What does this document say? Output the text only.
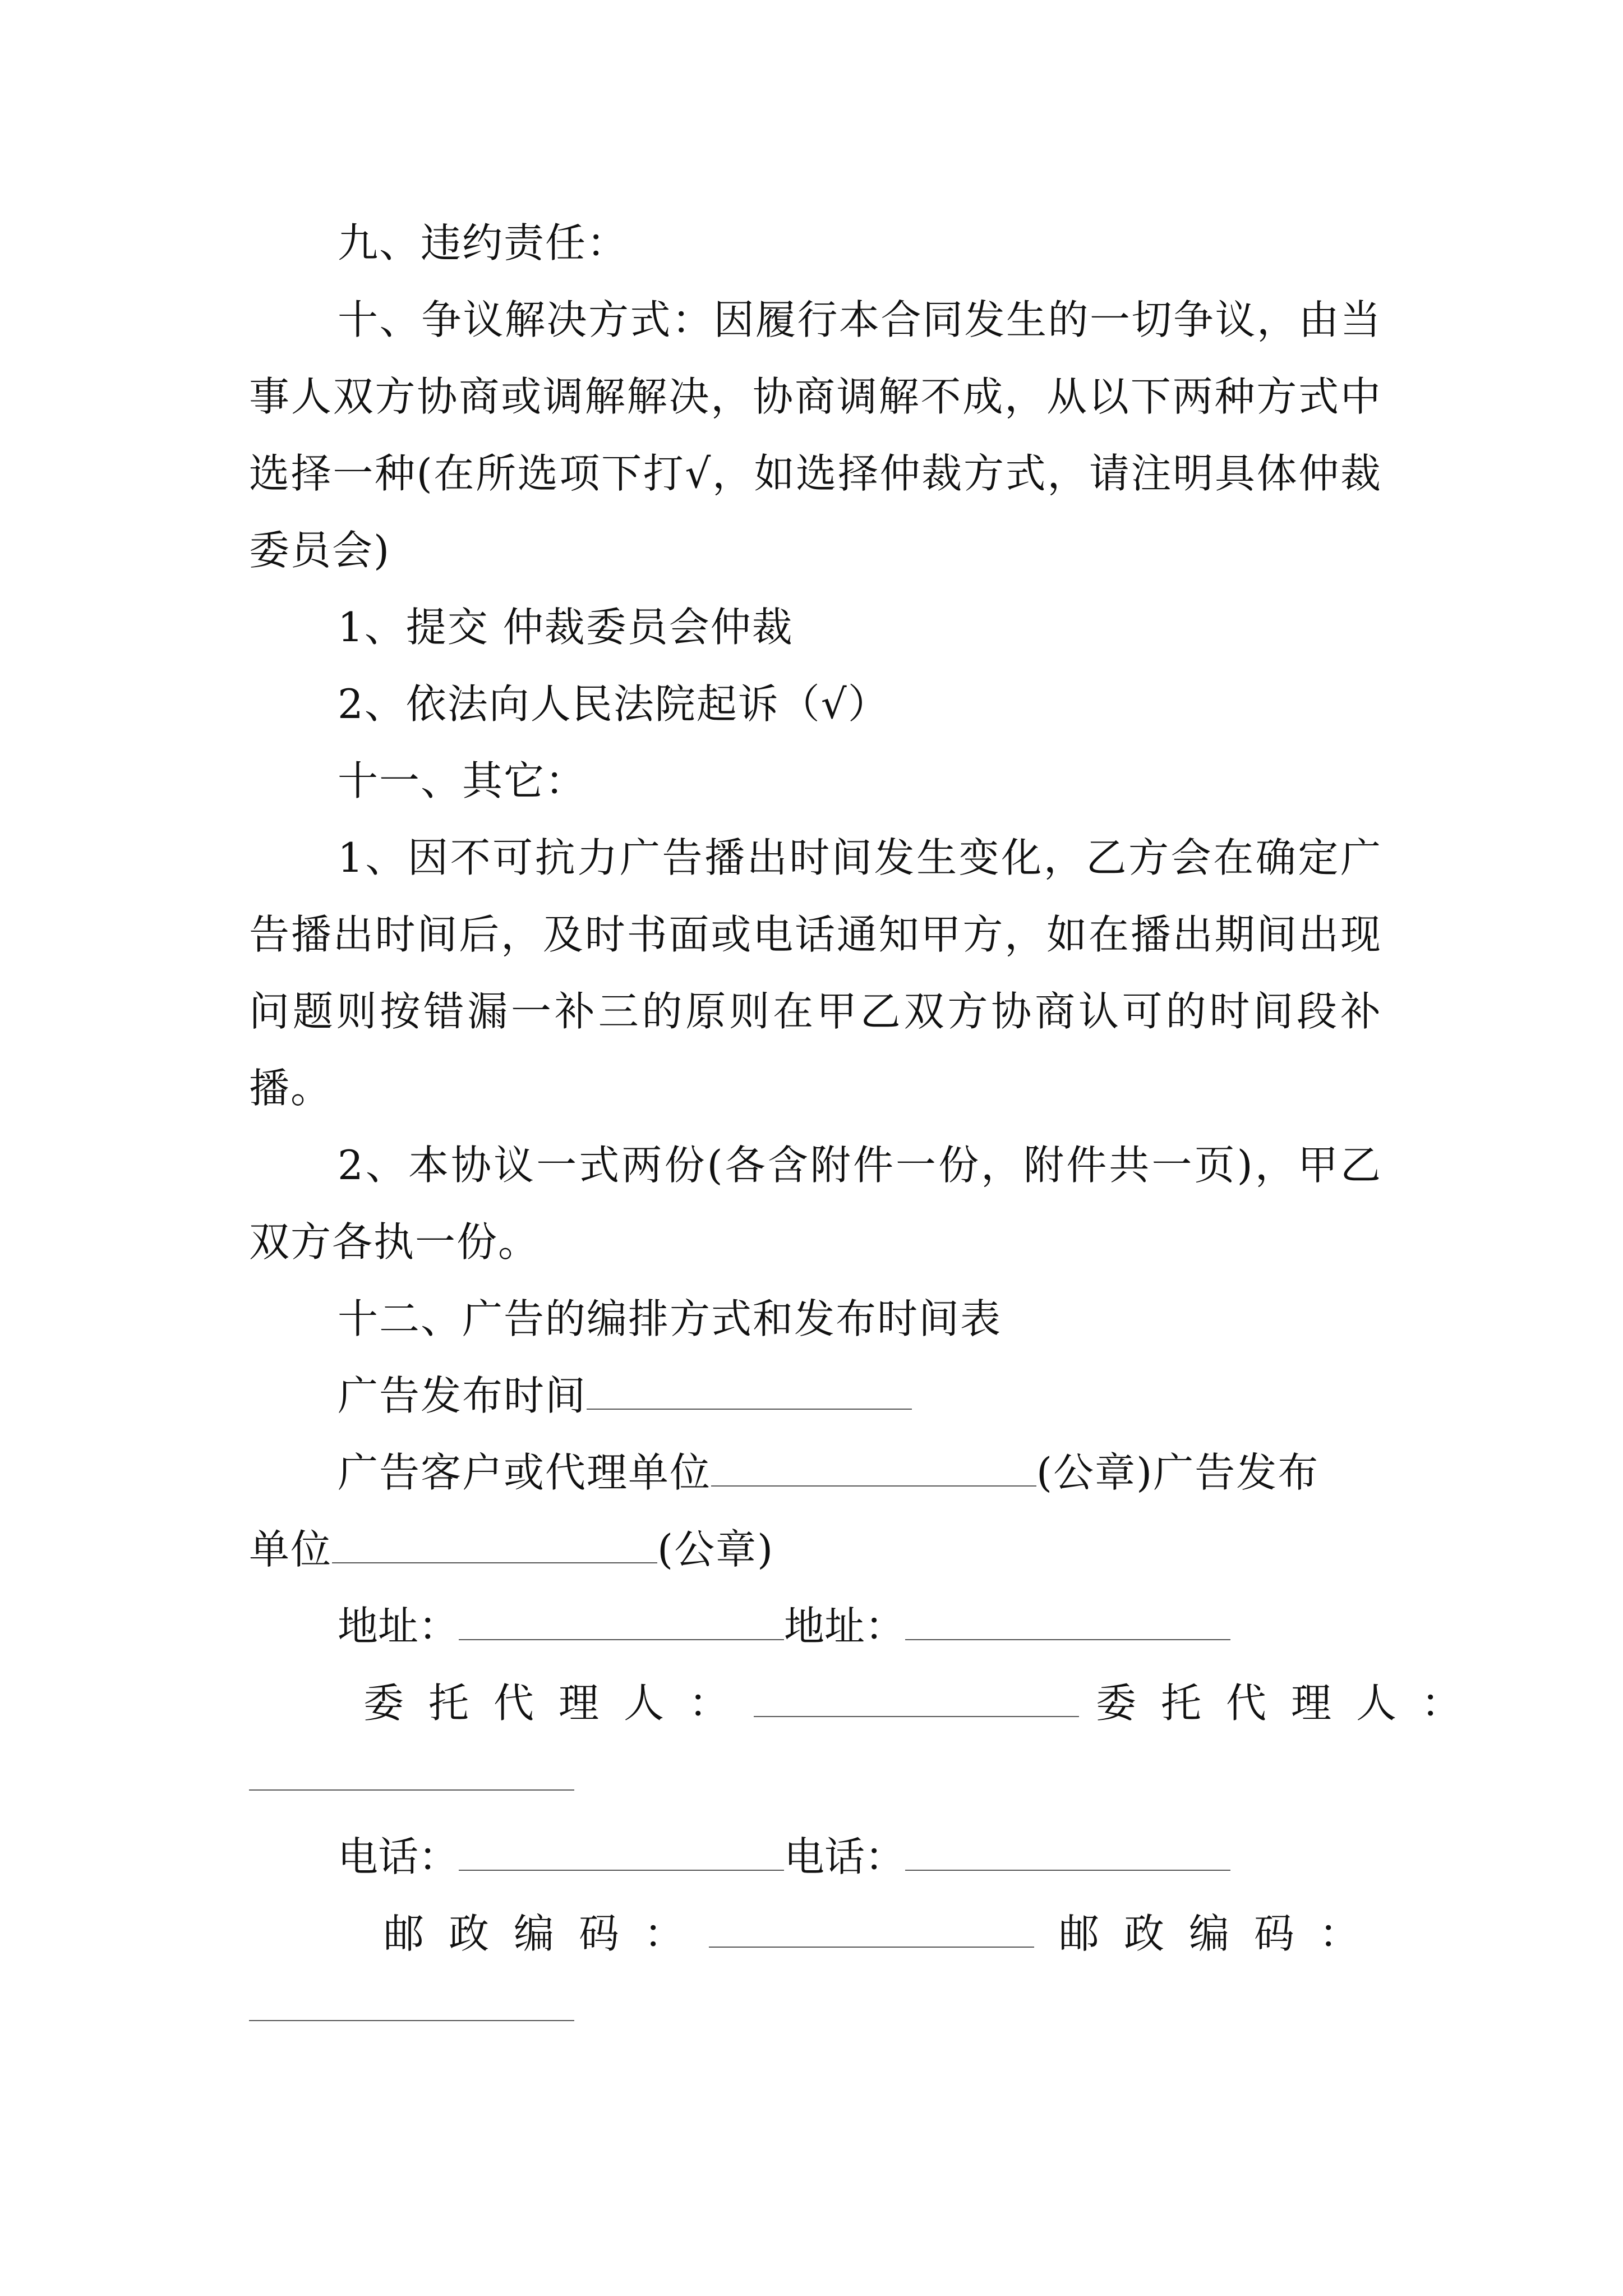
九、违约责任：

十、争议解决方式：因履行本合同发生的一切争议，由当事人双方协商或调解解决，协商调解不成，从以下两种方式中选择一种(在所选项下打√，如选择仲裁方式，请注明具体仲裁委员会)

1、提交 仲裁委员会仲裁

2、依法向人民法院起诉（√）

十一、其它：

1、因不可抗力广告播出时间发生变化，乙方会在确定广告播出时间后，及时书面或电话通知甲方，如在播出期间出现问题则按错漏一补三的原则在甲乙双方协商认可的时间段补播。

2、本协议一式两份(各含附件一份，附件共一页)，甲乙双方各执一份。

十二、广告的编排方式和发布时间表

广告发布时间

广告客户或代理单位	(公章)广告发布
单位	(公章)

地址：	地址：
委托代理人：	委托代理人：
电话：	电话：
邮政编码：	邮政编码：
